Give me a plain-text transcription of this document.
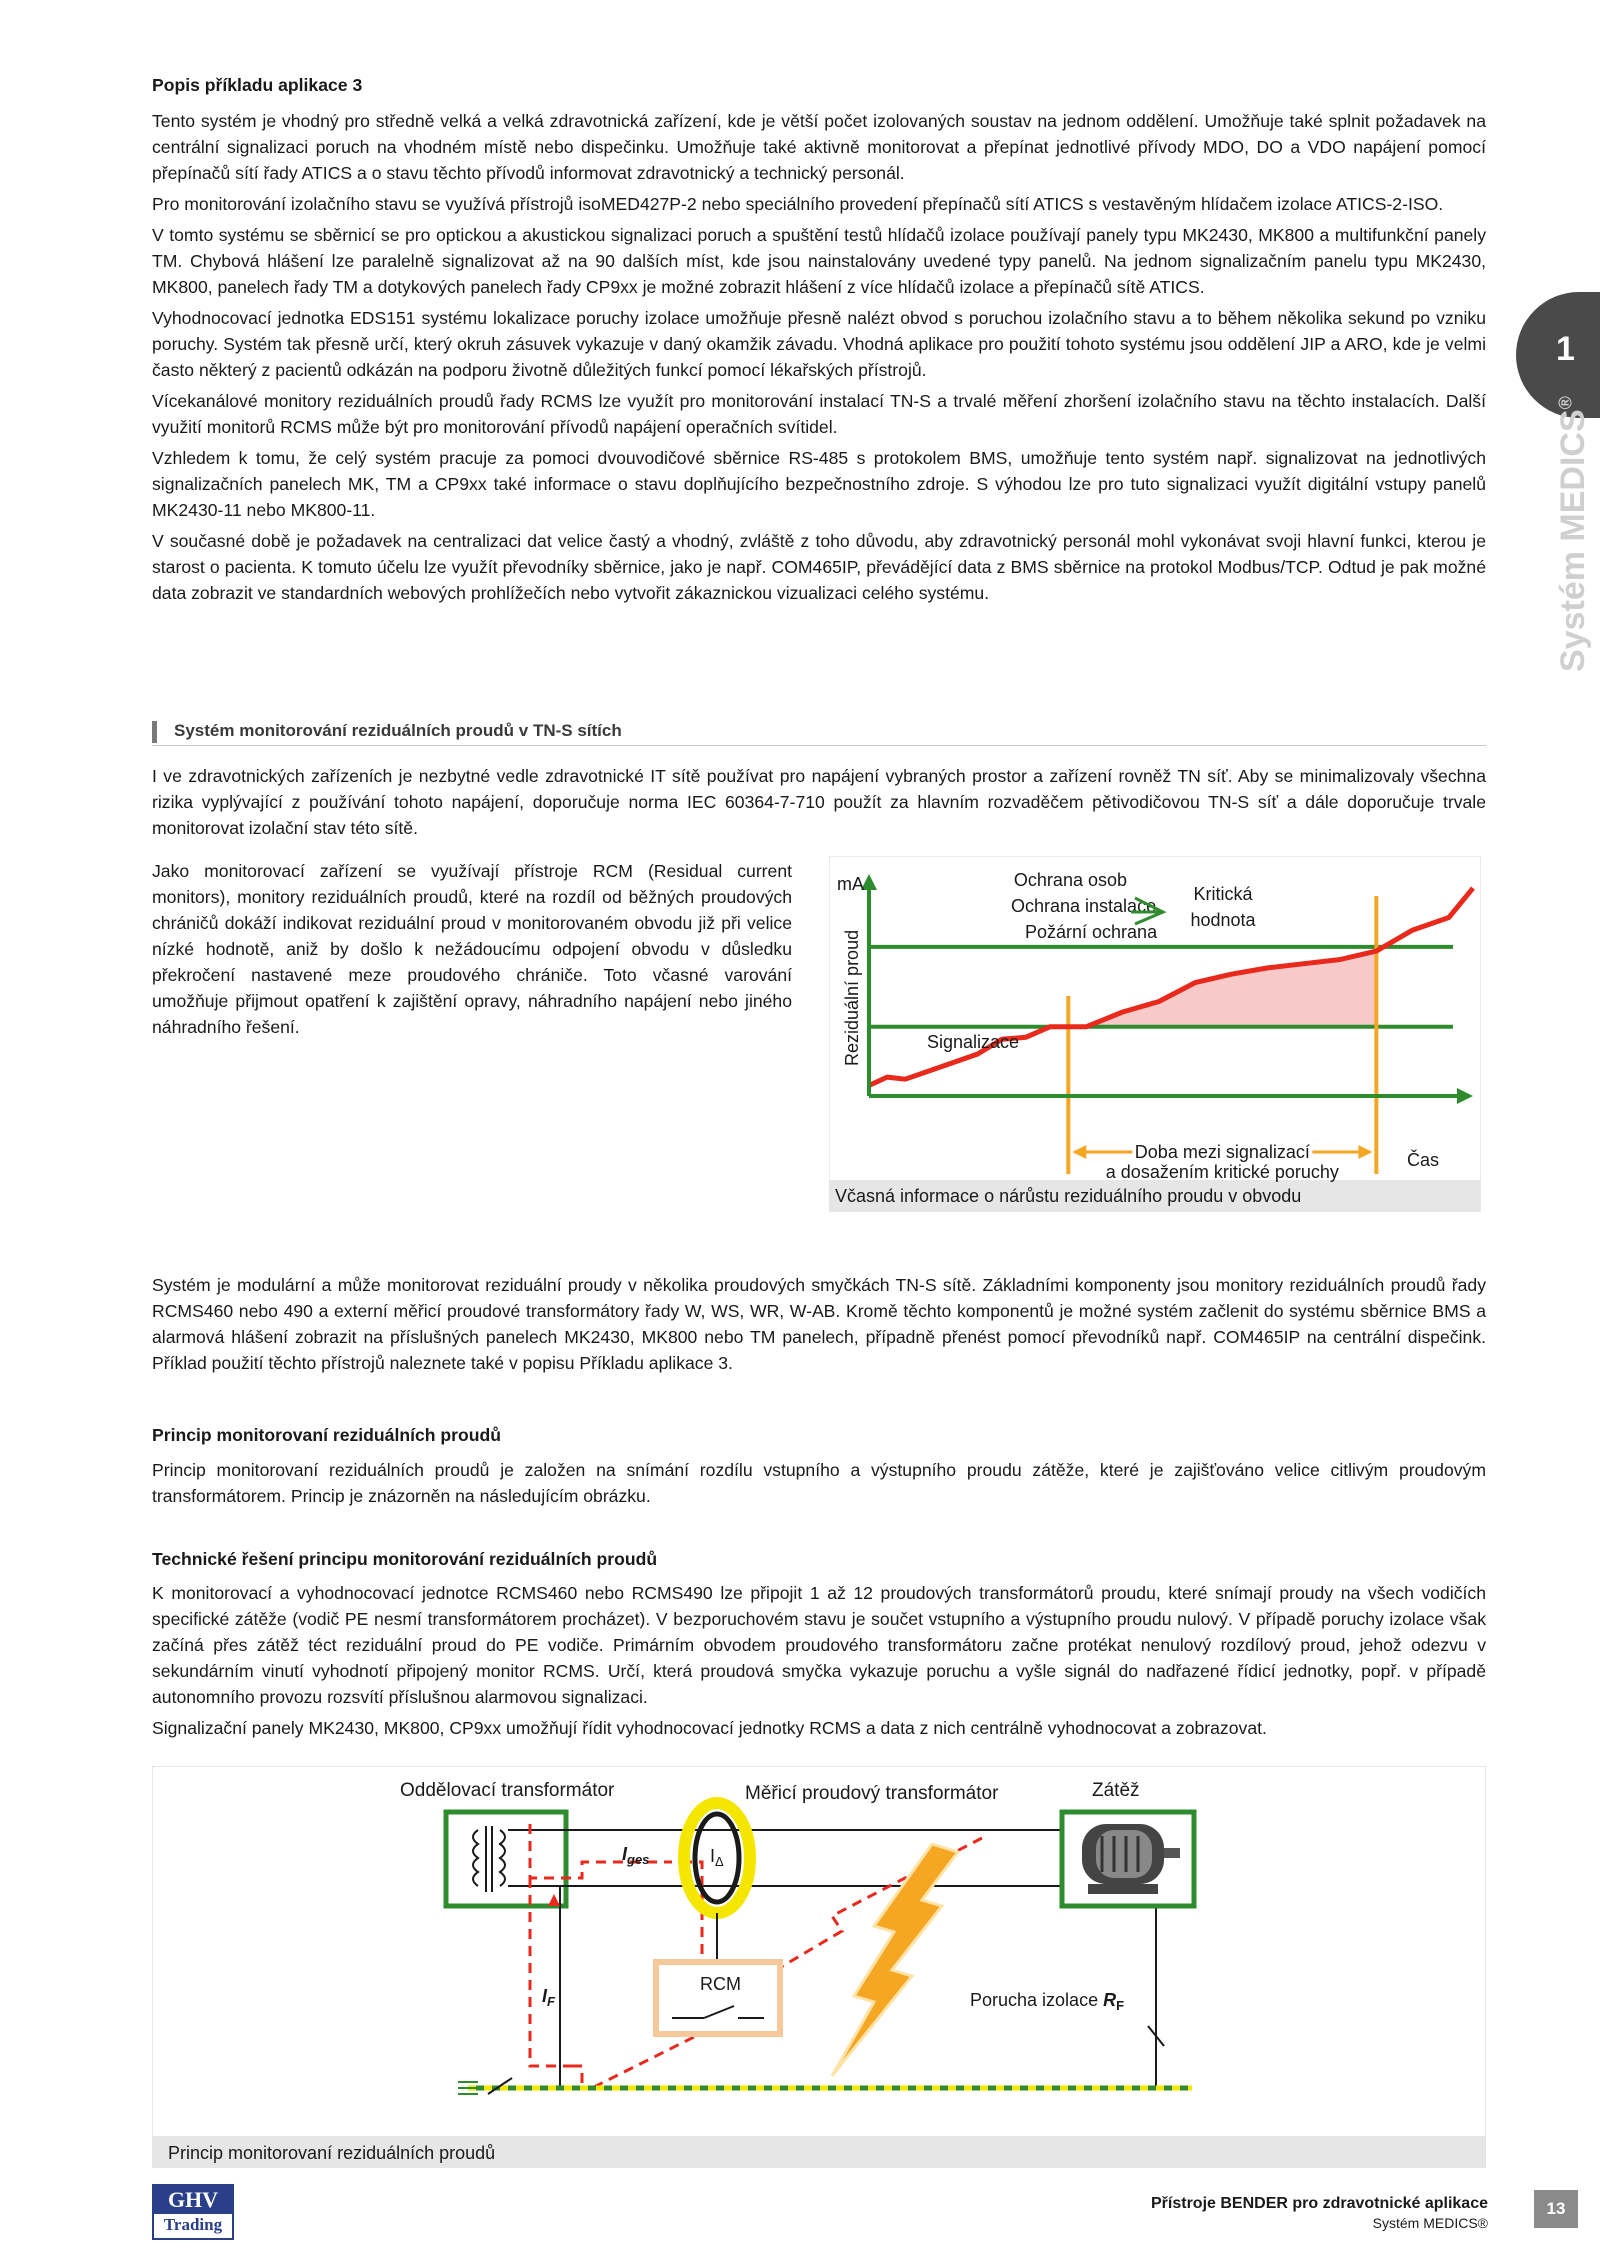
1
Systém MEDICS®
Popis příkladu aplikace 3

Tento systém je vhodný pro středně velká a velká zdravotnická zařízení, kde je větší počet izolovaných soustav na jednom oddělení. Umožňuje také splnit požadavek na centrální signalizaci poruch na vhodném místě nebo dispečinku. Umožňuje také aktivně monitorovat a přepínat jednotlivé přívody MDO, DO a VDO napájení pomocí přepínačů sítí řady ATICS a o stavu těchto přívodů informovat zdravotnický a technický personál.

Pro monitorování izolačního stavu se využívá přístrojů isoMED427P-2 nebo speciálního provedení přepínačů sítí ATICS s vestavěným hlídačem izolace ATICS-2-ISO.

V tomto systému se sběrnicí se pro optickou a akustickou signalizaci poruch a spuštění testů hlídačů izolace používají panely typu MK2430, MK800 a multifunkční panely TM. Chybová hlášení lze paralelně signalizovat až na 90 dalších míst, kde jsou nainstalovány uvedené typy panelů. Na jednom signalizačním panelu typu MK2430, MK800, panelech řady TM a dotykových panelech řady CP9xx je možné zobrazit hlášení z více hlídačů izolace a přepínačů sítě ATICS.

Vyhodnocovací jednotka EDS151 systému lokalizace poruchy izolace umožňuje přesně nalézt obvod s poruchou izolačního stavu a to během několika sekund po vzniku poruchy. Systém tak přesně určí, který okruh zásuvek vykazuje v daný okamžik závadu. Vhodná aplikace pro použití tohoto systému jsou oddělení JIP a ARO, kde je velmi často některý z pacientů odkázán na podporu životně důležitých funkcí pomocí lékařských přístrojů.

Vícekanálové monitory reziduálních proudů řady RCMS lze využít pro monitorování instalací TN-S a trvalé měření zhoršení izolačního stavu na těchto instalacích. Další využití monitorů RCMS může být pro monitorování přívodů napájení operačních svítidel.

Vzhledem k tomu, že celý systém pracuje za pomoci dvouvodičové sběrnice RS-485 s protokolem BMS, umožňuje tento systém např. signalizovat na jednotlivých signalizačních panelech MK, TM a CP9xx také informace o stavu doplňujícího bezpečnostního zdroje. S výhodou lze pro tuto signalizaci využít digitální vstupy panelů MK2430-11 nebo MK800-11.

V současné době je požadavek na centralizaci dat velice častý a vhodný, zvláště z toho důvodu, aby zdravotnický personál mohl vykonávat svoji hlavní funkci, kterou je starost o pacienta. K tomuto účelu lze využít převodníky sběrnice, jako je např. COM465IP, převádějící data z BMS sběrnice na protokol Modbus/TCP. Odtud je pak možné data zobrazit ve standardních webových prohlížečích nebo vytvořit zákaznickou vizualizaci celého systému.

Systém monitorování reziduálních proudů v TN-S sítích

I ve zdravotnických zařízeních je nezbytné vedle zdravotnické IT sítě používat pro napájení vybraných prostor a zařízení rovněž TN síť. Aby se minimalizovaly všechna rizika vyplývající z používání tohoto napájení, doporučuje norma IEC 60364-7-710 použít za hlavním rozvaděčem pětivodičovou TN-S síť a dále doporučuje trvale monitorovat izolační stav této sítě.

Jako monitorovací zařízení se využívají přístroje RCM (Residual current monitors), monitory reziduálních proudů, které na rozdíl od běžných proudových chráničů dokáží indikovat reziduální proud v monitorovaném obvodu již při velice nízké hodnotě, aniž by došlo k nežádoucímu odpojení obvodu v důsledku překročení nastavené meze proudového chrániče. Toto včasné varování umožňuje přijmout opatření k zajištění opravy, náhradního napájení nebo jiného náhradního řešení.

mA
Reziduální proud
Čas
Signalizace
Ochrana osob
Ochrana instalace
Požární ochrana
Kritická
hodnota
Doba mezi signalizací
a dosažením kritické poruchy
Včasná informace o nárůstu reziduálního proudu v obvodu

Systém je modulární a může monitorovat reziduální proudy v několika proudových smyčkách TN-S sítě. Základními komponenty jsou monitory reziduálních proudů řady RCMS460 nebo 490 a externí měřicí proudové transformátory řady W, WS, WR, W-AB. Kromě těchto komponentů je možné systém začlenit do systému sběrnice BMS a alarmová hlášení zobrazit na příslušných panelech MK2430, MK800 nebo TM panelech, případně přenést pomocí převodníků např. COM465IP na centrální dispečink. Příklad použití těchto přístrojů naleznete také v popisu Příkladu aplikace 3.

Princip monitorovaní reziduálních proudů

Princip monitorovaní reziduálních proudů je založen na snímání rozdílu vstupního a výstupního proudu zátěže, které je zajišťováno velice citlivým proudovým transformátorem. Princip je znázorněn na následujícím obrázku.

Technické řešení principu monitorování reziduálních proudů

K monitorovací a vyhodnocovací jednotce RCMS460 nebo RCMS490 lze připojit 1 až 12 proudových transformátorů proudu, které snímají proudy na všech vodičích specifické zátěže (vodič PE nesmí transformátorem procházet). V bezporuchovém stavu je součet vstupního a výstupního proudu nulový. V případě poruchy izolace však začíná přes zátěž téct reziduální proud do PE vodiče. Primárním obvodem proudového transformátoru začne protékat nenulový rozdílový proud, jehož odezvu v sekundárním vinutí vyhodnotí připojený monitor RCMS. Určí, která proudová smyčka vykazuje poruchu a vyšle signál do nadřazené řídicí jednotky, popř. v případě autonomního provozu rozsvítí příslušnou alarmovou signalizaci.

Signalizační panely MK2430, MK800, CP9xx umožňují řídit vyhodnocovací jednotky RCMS a data z nich centrálně vyhodnocovat a zobrazovat.

Oddělovací transformátor	Měřicí proudový transformátor	Zátěž
$I_{ges}$	$I_\Delta$
$I_F$
RCM
Porucha izolace $R_F$
Princip monitorovaní reziduálních proudů
GHV
Trading
Přístroje BENDER pro zdravotnické aplikace
Systém MEDICS®
13
